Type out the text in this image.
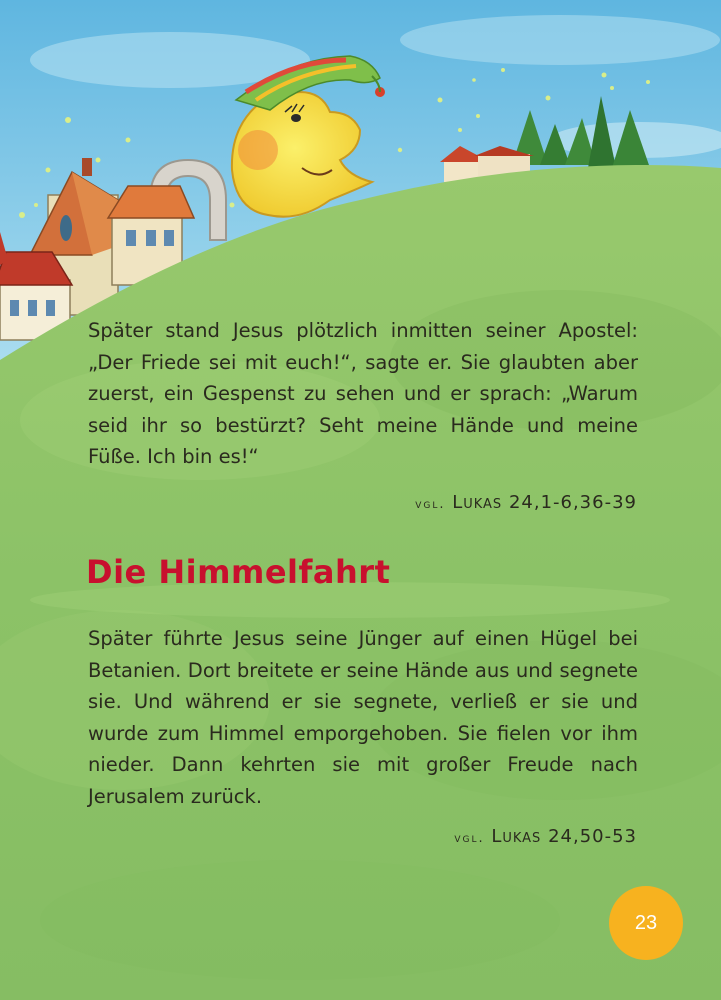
Später stand Jesus plötzlich inmitten seiner Apostel: „Der Friede sei mit euch!“, sagte er. Sie glaubten aber zuerst, ein Gespenst zu sehen und er sprach: „Warum seid ihr so bestürzt? Seht meine Hände und meine Füße. Ich bin es!“

vgl. Lukas 24,1-6,36-39
Die Himmelfahrt

Später führte Jesus seine Jünger auf einen Hügel bei Betanien. Dort breitete er seine Hände aus und segnete sie. Und während er sie segnete, verließ er sie und wurde zum Himmel emporgehoben. Sie fielen vor ihm nieder. Dann kehrten sie mit großer Freude nach Jerusalem zurück.

vgl. Lukas 24,50-53
23
